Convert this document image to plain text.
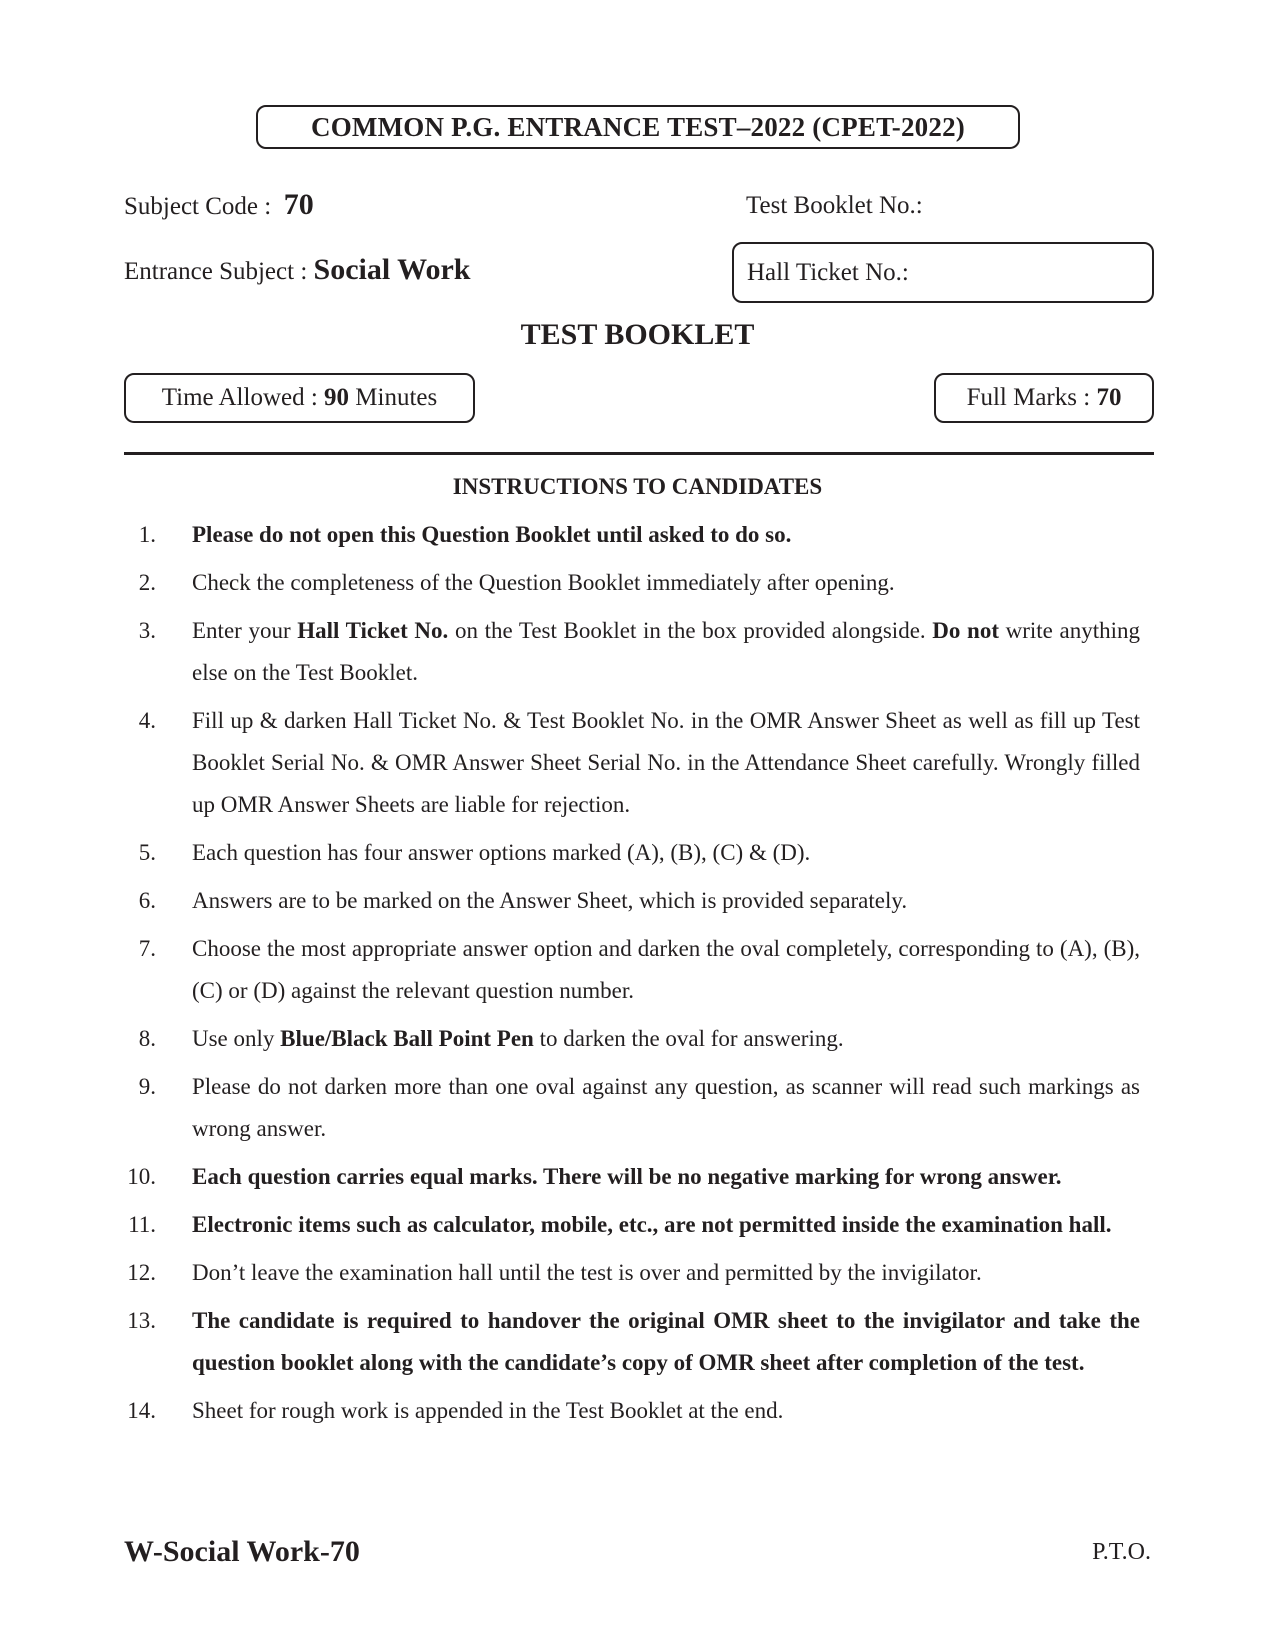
COMMON P.G. ENTRANCE TEST–2022 (CPET-2022)
Subject Code : 70	Test Booklet No.:
Entrance Subject : Social Work	Hall Ticket No.:
TEST BOOKLET
Time Allowed :
90
Minutes	Full Marks :
70
INSTRUCTIONS TO CANDIDATES
1. Please do not open this Question Booklet until asked to do so.
2. Check the completeness of the Question Booklet immediately after opening.
3. Enter your Hall Ticket No. on the Test Booklet in the box provided alongside. Do not write anything else on the Test Booklet.
4. Fill up & darken Hall Ticket No. & Test Booklet No. in the OMR Answer Sheet as well as fill up Test Booklet Serial No. & OMR Answer Sheet Serial No. in the Attendance Sheet carefully. Wrongly filled up OMR Answer Sheets are liable for rejection.
5. Each question has four answer options marked (A), (B), (C) & (D).
6. Answers are to be marked on the Answer Sheet, which is provided separately.
7. Choose the most appropriate answer option and darken the oval completely, corresponding to (A), (B), (C) or (D) against the relevant question number.
8. Use only Blue/Black Ball Point Pen to darken the oval for answering.
9. Please do not darken more than one oval against any question, as scanner will read such markings as wrong answer.
10. Each question carries equal marks. There will be no negative marking for wrong answer.
11. Electronic items such as calculator, mobile, etc., are not permitted inside the examination hall.
12. Don’t leave the examination hall until the test is over and permitted by the invigilator.
13. The candidate is required to handover the original OMR sheet to the invigilator and take the question booklet along with the candidate’s copy of OMR sheet after completion of the test.
14. Sheet for rough work is appended in the Test Booklet at the end.
W-Social Work-70	P.T.O.
